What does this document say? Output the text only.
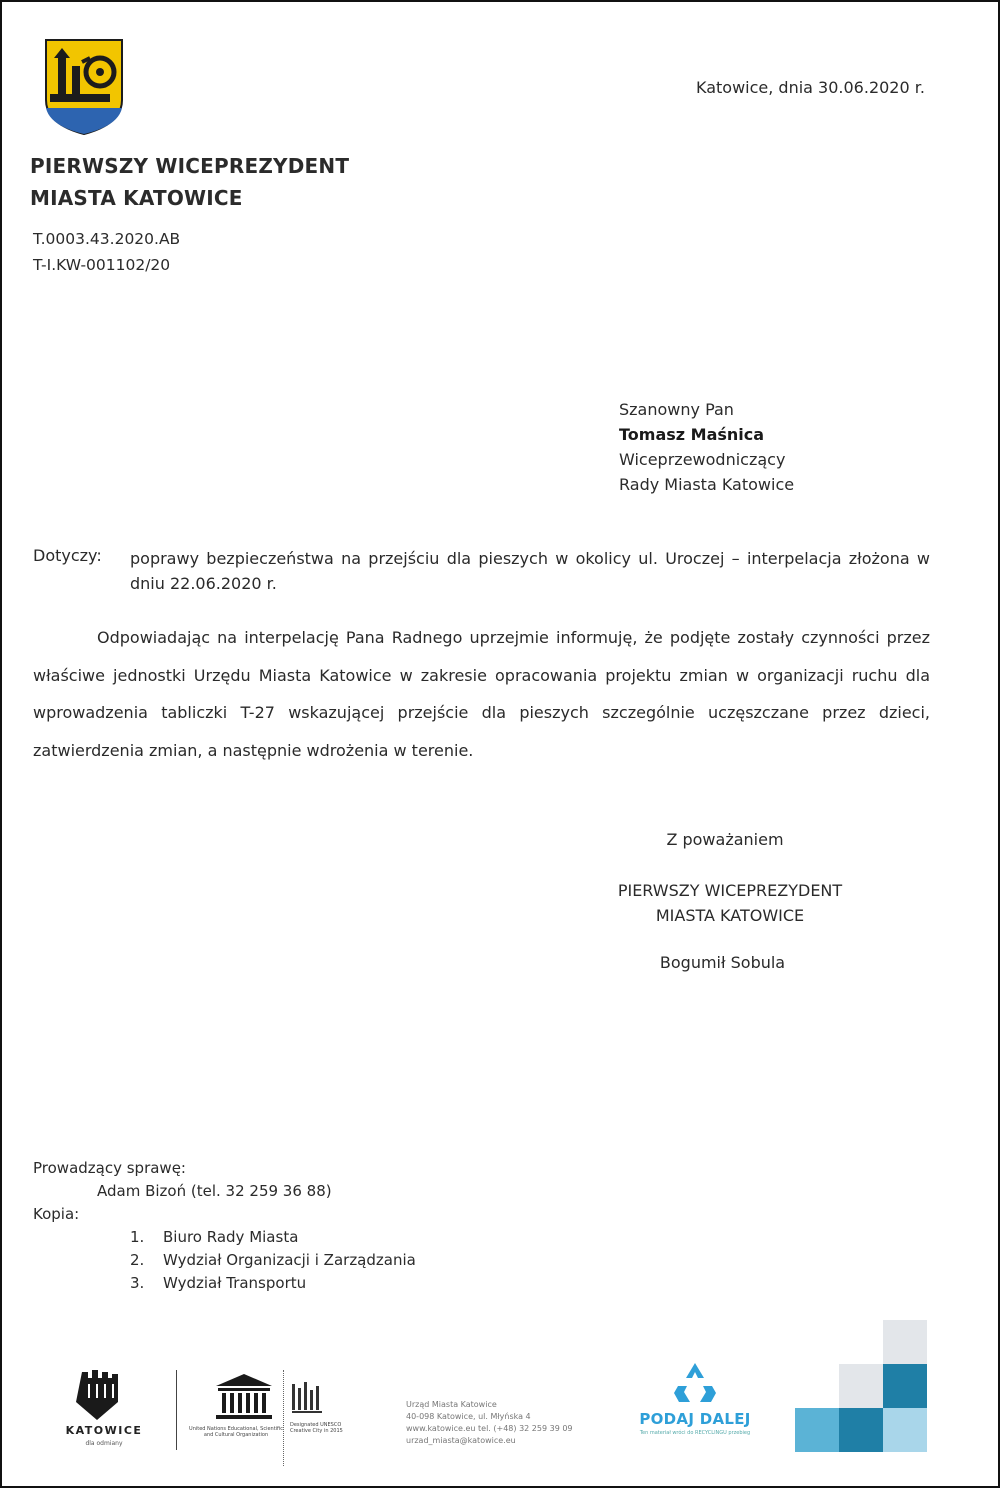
PIERWSZY WICEPREZYDENT
MIASTA KATOWICE
T.0003.43.2020.AB
T-I.KW-001102/20
Katowice, dnia 30.06.2020 r.
Szanowny Pan
Tomasz Maśnica
Wiceprzewodniczący
Rady Miasta Katowice
Dotyczy: poprawy bezpieczeństwa na przejściu dla pieszych w okolicy ul. Uroczej – interpelacja złożona w dniu 22.06.2020 r.
Odpowiadając na interpelację Pana Radnego uprzejmie informuję, że podjęte zostały czynności przez właściwe jednostki Urzędu Miasta Katowice w zakresie opracowania projektu zmian w organizacji ruchu dla wprowadzenia tabliczki T-27 wskazującej przejście dla pieszych szczególnie uczęszczane przez dzieci, zatwierdzenia zmian, a następnie wdrożenia w terenie.
Z poważaniem
PIERWSZY WICEPREZYDENT
MIASTA KATOWICE
Bogumił Sobula
Prowadzący sprawę:
Adam Bizoń (tel. 32 259 36 88)
Kopia:
1. Biuro Rady Miasta
2. Wydział Organizacji i Zarządzania
3. Wydział Transportu
KATOWICE
dla odmiany
United Nations Educational, Scientific and Cultural Organization
Designated UNESCO Creative City in 2015
Urząd Miasta Katowice
40-098 Katowice, ul. Młyńska 4
www.katowice.eu tel. (+48) 32 259 39 09
urzad_miasta@katowice.eu
PODAJ DALEJ
Ten materiał wróci do RECYCLINGU przebieg
